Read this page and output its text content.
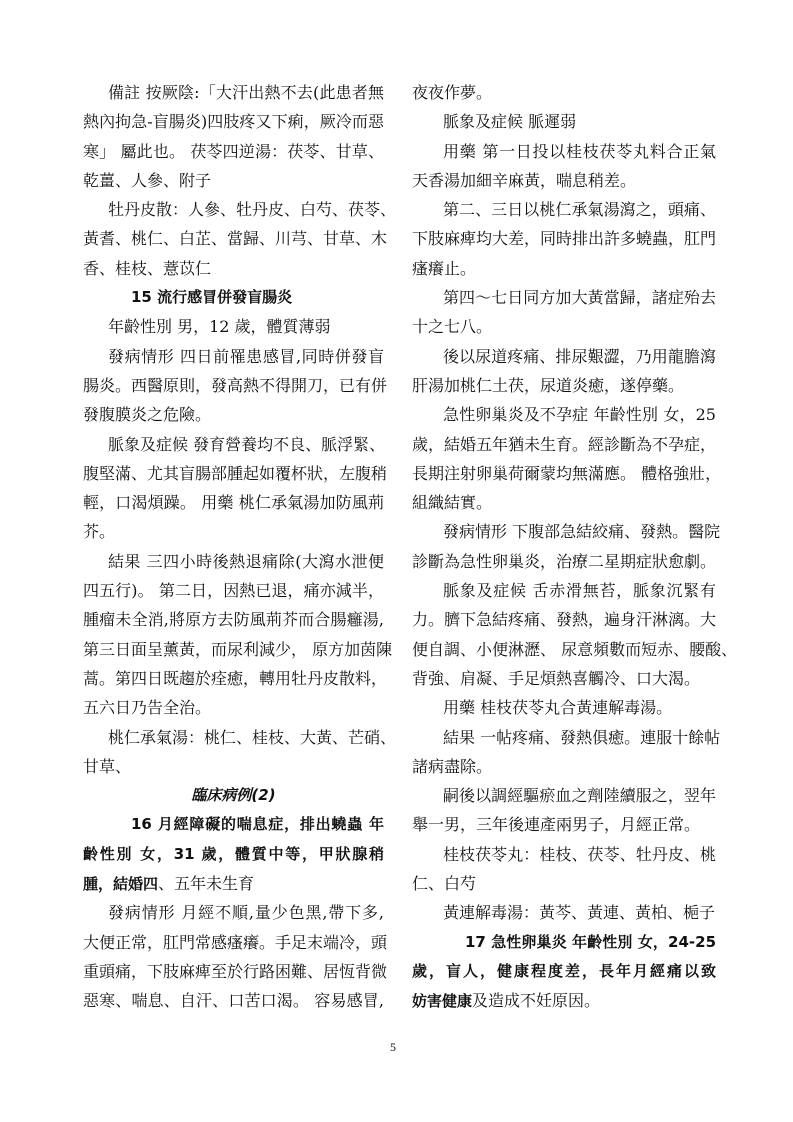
備註 按厥陰:「大汗出熱不去(此患者無
熱內拘急-盲腸炎)四肢疼又下痢，厥冷而惡
寒」 屬此也。 茯苓四逆湯：茯苓、甘草、
乾薑、人參、附子
牡丹皮散：人參、牡丹皮、白芍、茯苓、
黃耆、桃仁、白芷、當歸、川芎、甘草、木
香、桂枝、薏苡仁
15 流行感冒併發盲腸炎
年齡性別 男，12 歲，體質薄弱
發病情形 四日前罹患感冒,同時併發盲
腸炎。西醫原則，發高熱不得開刀，已有併
發腹膜炎之危險。
脈象及症候 發育營養均不良、脈浮緊、
腹堅滿、尤其盲腸部腫起如覆杯狀，左腹稍
輕，口渴煩躁。 用藥 桃仁承氣湯加防風荊
芥。
結果 三四小時後熱退痛除(大瀉水泄便
四五行)。 第二日，因熱已退，痛亦減半，
腫瘤未全消,將原方去防風荊芥而合腸癰湯,
第三日面呈薰黃，而尿利減少， 原方加茵陳
蒿。第四日既趨於痊癒，轉用牡丹皮散料，
五六日乃告全治。
桃仁承氣湯：桃仁、桂枝、大黃、芒硝、
甘草、
臨床病例(2)
16 月經障礙的喘息症，排出蟯蟲 年
齡性別 女，31 歲，體質中等，甲狀腺稍
腫，結婚四、五年未生育
發病情形 月經不順,量少色黑,帶下多,
大便正常，肛門常感瘙癢。手足末端冷，頭
重頭痛，下肢麻痺至於行路困難、居恆背微
惡寒、喘息、自汗、口苦口渴。 容易感冒,
夜夜作夢。
脈象及症候 脈遲弱
用藥 第一日投以桂枝茯苓丸料合正氣
天香湯加細辛麻黃，喘息稍差。
第二、三日以桃仁承氣湯瀉之，頭痛、
下肢麻痺均大差，同時排出許多蟯蟲，肛門
瘙癢止。
第四～七日同方加大黃當歸，諸症殆去
十之七八。
後以尿道疼痛、排尿艱澀，乃用龍膽瀉
肝湯加桃仁土茯，尿道炎癒，遂停藥。
急性卵巢炎及不孕症 年齡性別 女，25
歲，結婚五年猶未生育。經診斷為不孕症，
長期注射卵巢荷爾蒙均無滿應。 體格強壯，
組織結實。
發病情形 下腹部急結絞痛、發熱。醫院
診斷為急性卵巢炎，治療二星期症狀愈劇。
脈象及症候 舌赤滑無苔，脈象沉緊有
力。臍下急結疼痛、發熱，遍身汗淋漓。大
便自調、小便淋瀝、 尿意頻數而短赤、腰酸、
背強、肩凝、手足煩熱喜觸冷、口大渴。
用藥 桂枝茯苓丸合黃連解毒湯。
結果 一帖疼痛、發熱俱癒。連服十餘帖
諸病盡除。
嗣後以調經驅瘀血之劑陸續服之，翌年
舉一男，三年後連產兩男子，月經正常。
桂枝茯苓丸：桂枝、茯苓、牡丹皮、桃
仁、白芍
黃連解毒湯：黃芩、黃連、黃柏、梔子
17 急性卵巢炎 年齡性別 女，24-25
歲，盲人，健康程度差，長年月經痛以致
妨害健康及造成不妊原因。
5
